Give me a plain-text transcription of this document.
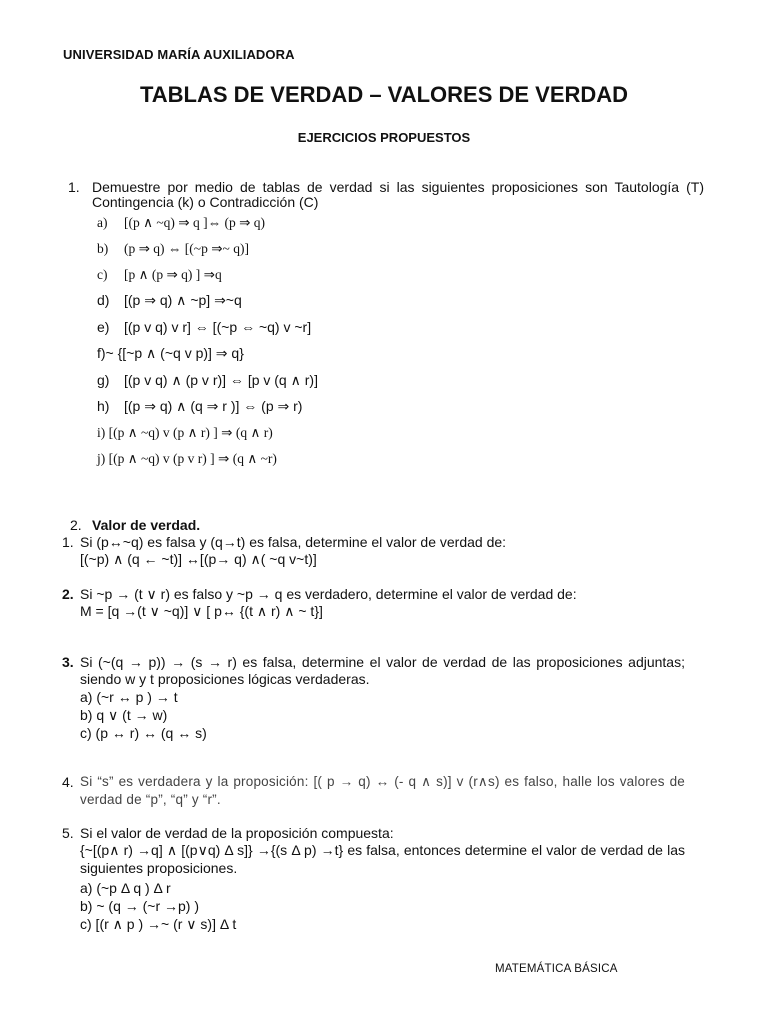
UNIVERSIDAD MARÍA AUXILIADORA
TABLAS DE VERDAD – VALORES DE VERDAD
EJERCICIOS PROPUESTOS
1. Demuestre por medio de tablas de verdad si las siguientes proposiciones son Tautología (T)
Contingencia (k) o Contradicción (C)
a) [(p ∧ ~q) ⇒ q ]⇔ (p ⇒ q)
b) (p ⇒ q) ⇔ [(~p ⇒~ q)]
c) [p ∧ (p ⇒ q) ] ⇒q
d) [(p ⇒ q) ∧ ~p] ⇒~q
e) [(p v q) v r] ⇔ [(~p ⇔ ~q) v ~r]
f)~ {[~p ∧ (~q v p)] ⇒ q}
g) [(p v q) ∧ (p v r)] ⇔ [p v (q ∧ r)]
h) [(p ⇒ q) ∧ (q ⇒ r )] ⇔ (p ⇒ r)
i) [(p ∧ ~q) v (p ∧ r) ] ⇒ (q ∧ r)
j) [(p ∧ ~q) v (p v r) ] ⇒ (q ∧ ~r)
2. Valor de verdad.
1. Si (p↔~q) es falsa y (q→t) es falsa, determine el valor de verdad de:
[(~p) ∧ (q ← ~t)] ↔[(p→ q) ∧( ~q v~t)]
2. Si ~p → (t ∨ r) es falso y ~p → q es verdadero, determine el valor de verdad de:
M = [q →(t ∨ ~q)] ∨ [ p↔ {(t ∧ r) ∧ ~ t}]
3. Si (~(q → p)) → (s → r) es falsa, determine el valor de verdad de las proposiciones adjuntas;
siendo w y t proposiciones lógicas verdaderas.
a) (~r ↔ p ) → t
b) q ∨ (t → w)
c) (p ↔ r) ↔ (q ↔ s)
4. Si “s” es verdadera y la proposición: [( p → q) ↔ (- q ∧ s)] v (r∧s) es falso, halle los valores de
verdad de “p”, “q” y “r”.
5. Si el valor de verdad de la proposición compuesta:
{~[(p∧ r) →q] ∧ [(p∨q) Δ s]} →{(s Δ p) →t} es falsa, entonces determine el valor de verdad de las
siguientes proposiciones.
a) (~p Δ q ) Δ r
b) ~ (q → (~r →p) )
c) [(r ∧ p ) →~ (r ∨ s)] Δ t
MATEMÁTICA BÁSICA
